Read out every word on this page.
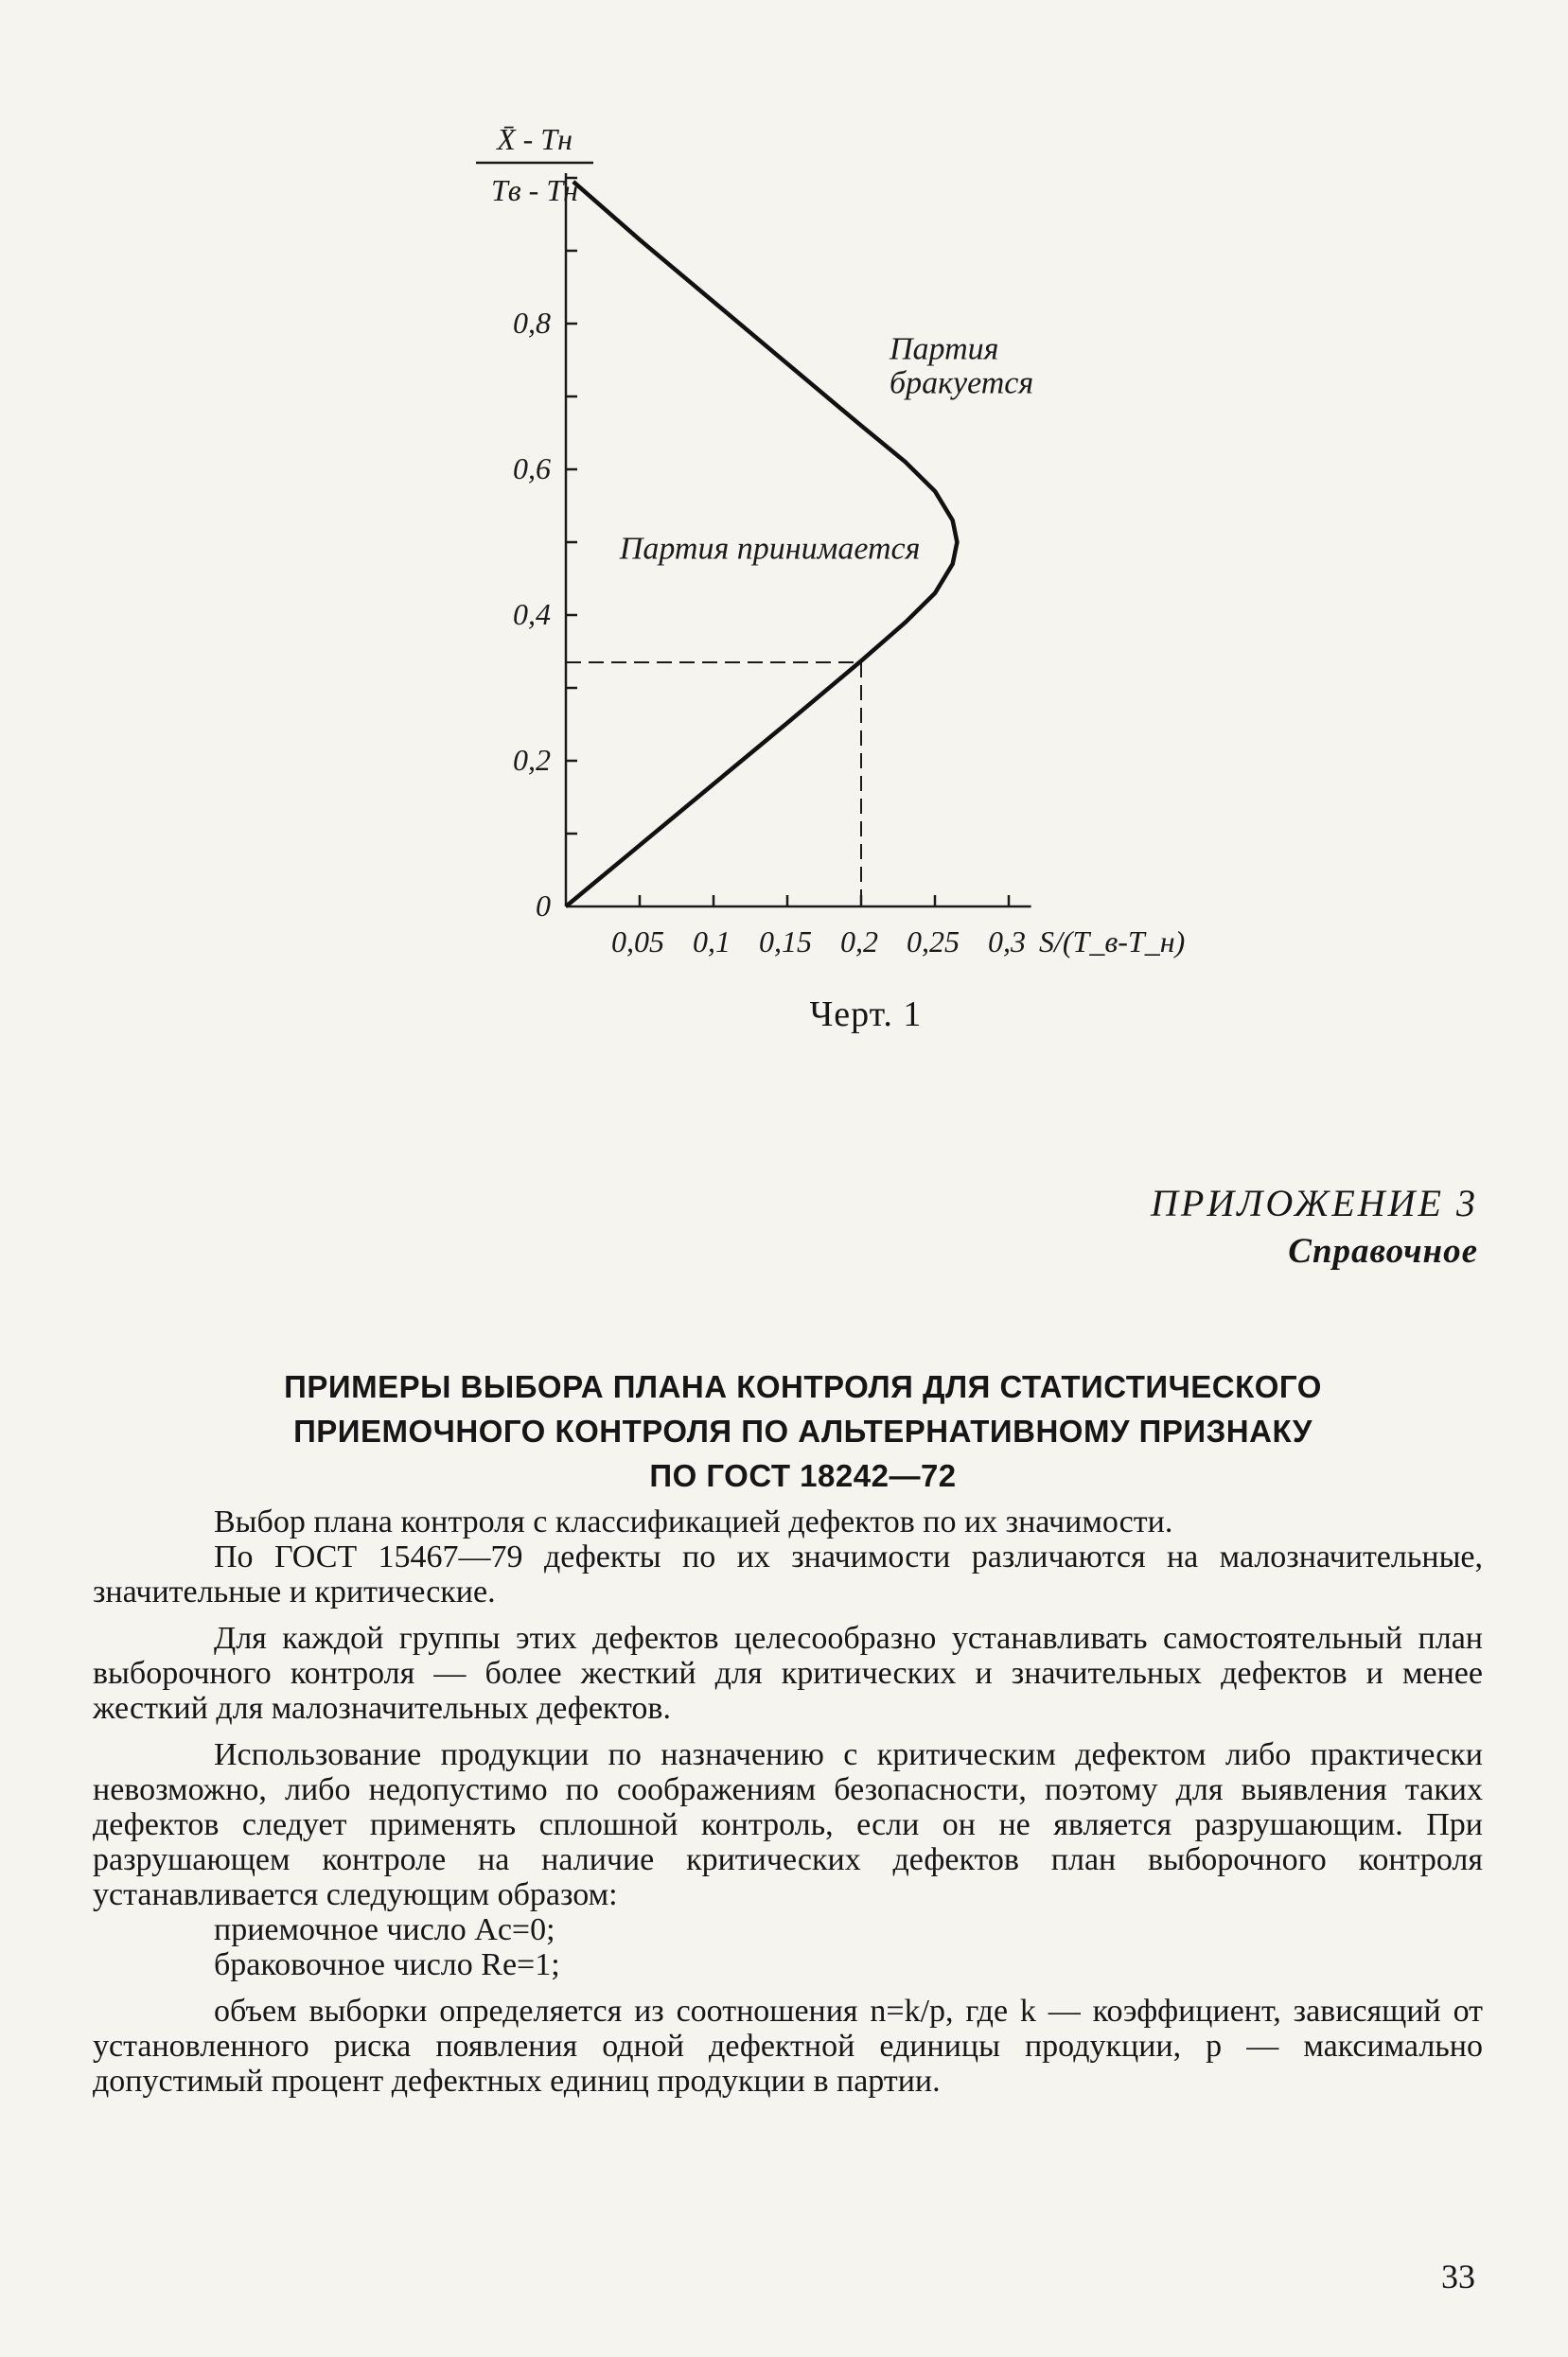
0
0,2
0,4
0,6
0,8
0,05 0,1 0,15 0,2 0,25 0,3
Партия
бракуется
Партия принимается
X̄ - Tн
Tв - Tн
S/(T_в-T_н)
Черт. 1
ПРИЛОЖЕНИЕ 3
Справочное
ПРИМЕРЫ ВЫБОРА ПЛАНА КОНТРОЛЯ ДЛЯ СТАТИСТИЧЕСКОГО
ПРИЕМОЧНОГО КОНТРОЛЯ ПО АЛЬТЕРНАТИВНОМУ ПРИЗНАКУ
ПО ГОСТ 18242—72

Выбор плана контроля с классификацией дефектов по их значимости.

По ГОСТ 15467—79 дефекты по их значимости различаются на малозначительные, значительные и критические.

Для каждой группы этих дефектов целесообразно устанавливать самостоятельный план выборочного контроля — более жесткий для критических и значительных дефектов и менее жесткий для малозначительных дефектов.

Использование продукции по назначению с критическим дефектом либо практически невозможно, либо недопустимо по соображениям безопасности, поэтому для выявления таких дефектов следует применять сплошной контроль, если он не является разрушающим. При разрушающем контроле на наличие критических дефектов план выборочного контроля устанавливается следующим образом:

приемочное число Ac=0;

браковочное число Re=1;

объем выборки определяется из соотношения n=k/p, где k — коэффициент, зависящий от установленного риска появления одной дефектной единицы продукции, p — максимально допустимый процент дефектных единиц продукции в партии.

33
